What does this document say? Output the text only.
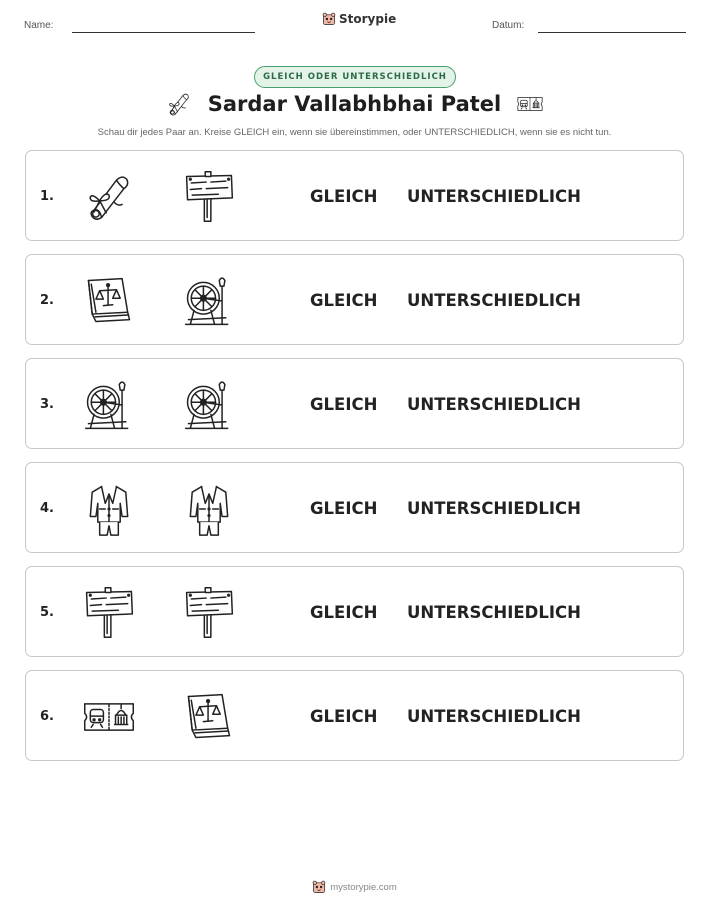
Name:	Storypie	Datum:
GLEICH ODER UNTERSCHIEDLICH
Sardar Vallabhbhai Patel
Schau dir jedes Paar an. Kreise GLEICH ein, wenn sie übereinstimmen, oder UNTERSCHIEDLICH, wenn sie es nicht tun.
1.	GLEICH UNTERSCHIEDLICH
2.	GLEICH UNTERSCHIEDLICH
3.	GLEICH UNTERSCHIEDLICH
4.	GLEICH UNTERSCHIEDLICH
5.	GLEICH UNTERSCHIEDLICH
6.	GLEICH UNTERSCHIEDLICH
mystorypie.com
